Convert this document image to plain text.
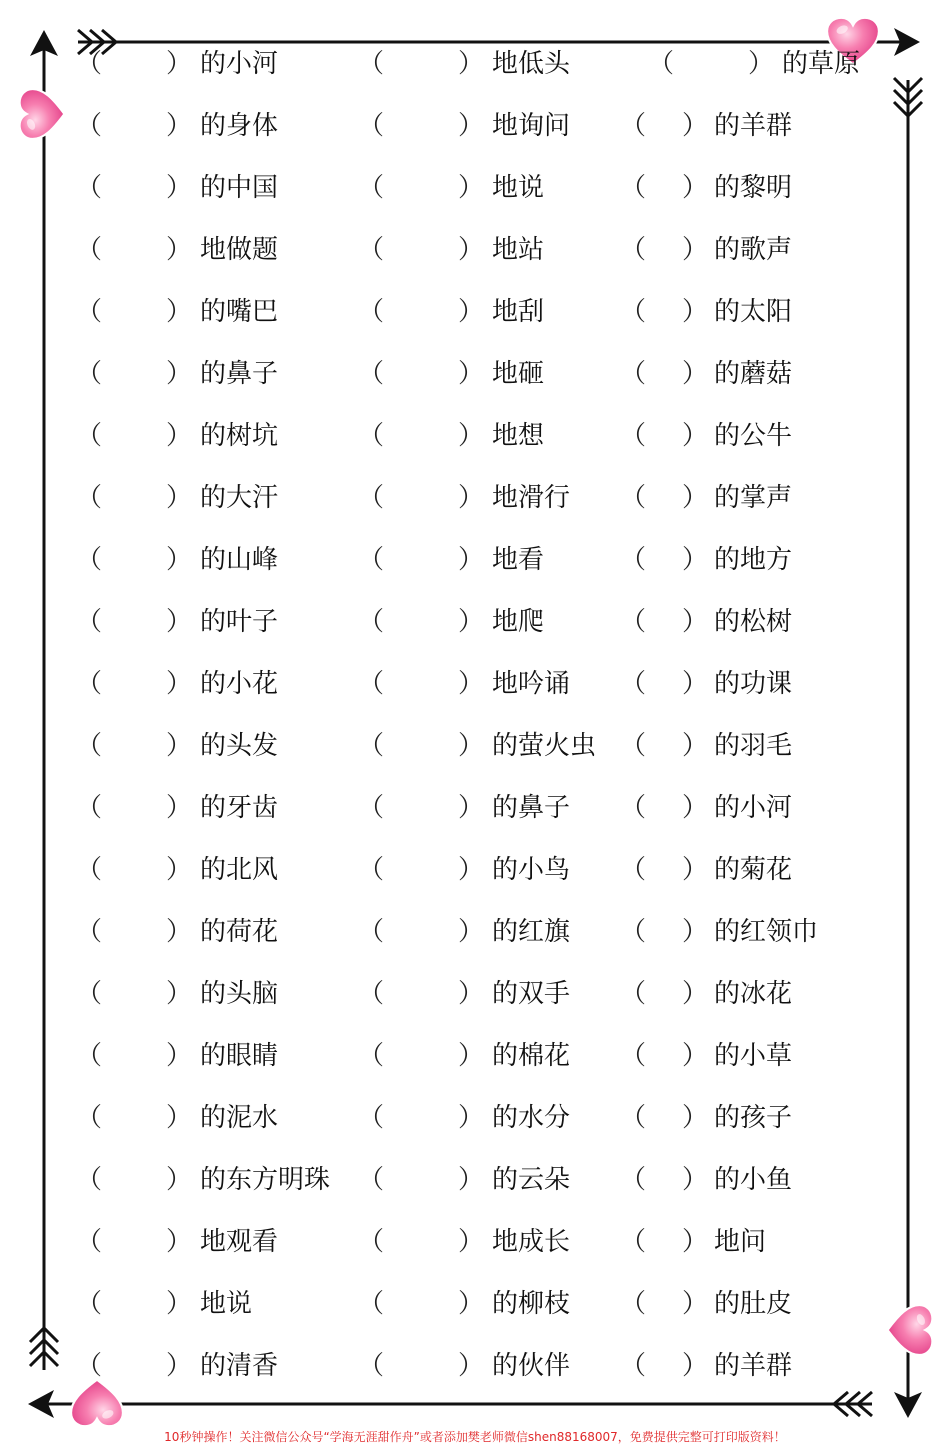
（ ） 的小河	（	） 地低头	（	） 的草原
（ ） 的身体	（	） 地询问 （ ） 的羊群
（ ） 的中国	（	） 地说	（ ） 的黎明
（ ） 地做题	（	） 地站	（ ） 的歌声
（ ） 的嘴巴	（	） 地刮	（ ） 的太阳
（ ） 的鼻子	（	） 地砸	（ ） 的蘑菇
（ ） 的树坑	（	） 地想	（ ） 的公牛
（ ） 的大汗	（	） 地滑行 （ ） 的掌声
（ ） 的山峰	（	） 地看	（ ） 的地方
（ ） 的叶子	（	） 地爬	（ ） 的松树
（ ） 的小花	（	） 地吟诵 （ ） 的功课
（ ） 的头发	（	） 的萤火虫 （ ） 的羽毛
（ ） 的牙齿	（	） 的鼻子 （ ） 的小河
（ ） 的北风	（	） 的小鸟 （ ） 的菊花
（ ） 的荷花	（	） 的红旗 （ ） 的红领巾
（ ） 的头脑	（	） 的双手 （ ） 的冰花
（ ） 的眼睛	（	） 的棉花 （ ） 的小草
（ ） 的泥水	（	） 的水分 （ ） 的孩子
（ ） 的东方明珠 （	） 的云朵 （ ） 的小鱼
（ ） 地观看	（	） 地成长 （ ） 地问
（ ） 地说	（	） 的柳枝 （ ） 的肚皮
（ ） 的清香	（	） 的伙伴 （ ） 的羊群
10秒钟操作！关注微信公众号“学海无涯甜作舟”或者添加樊老师微信shen88168007，免费提供完整可打印版资料！
